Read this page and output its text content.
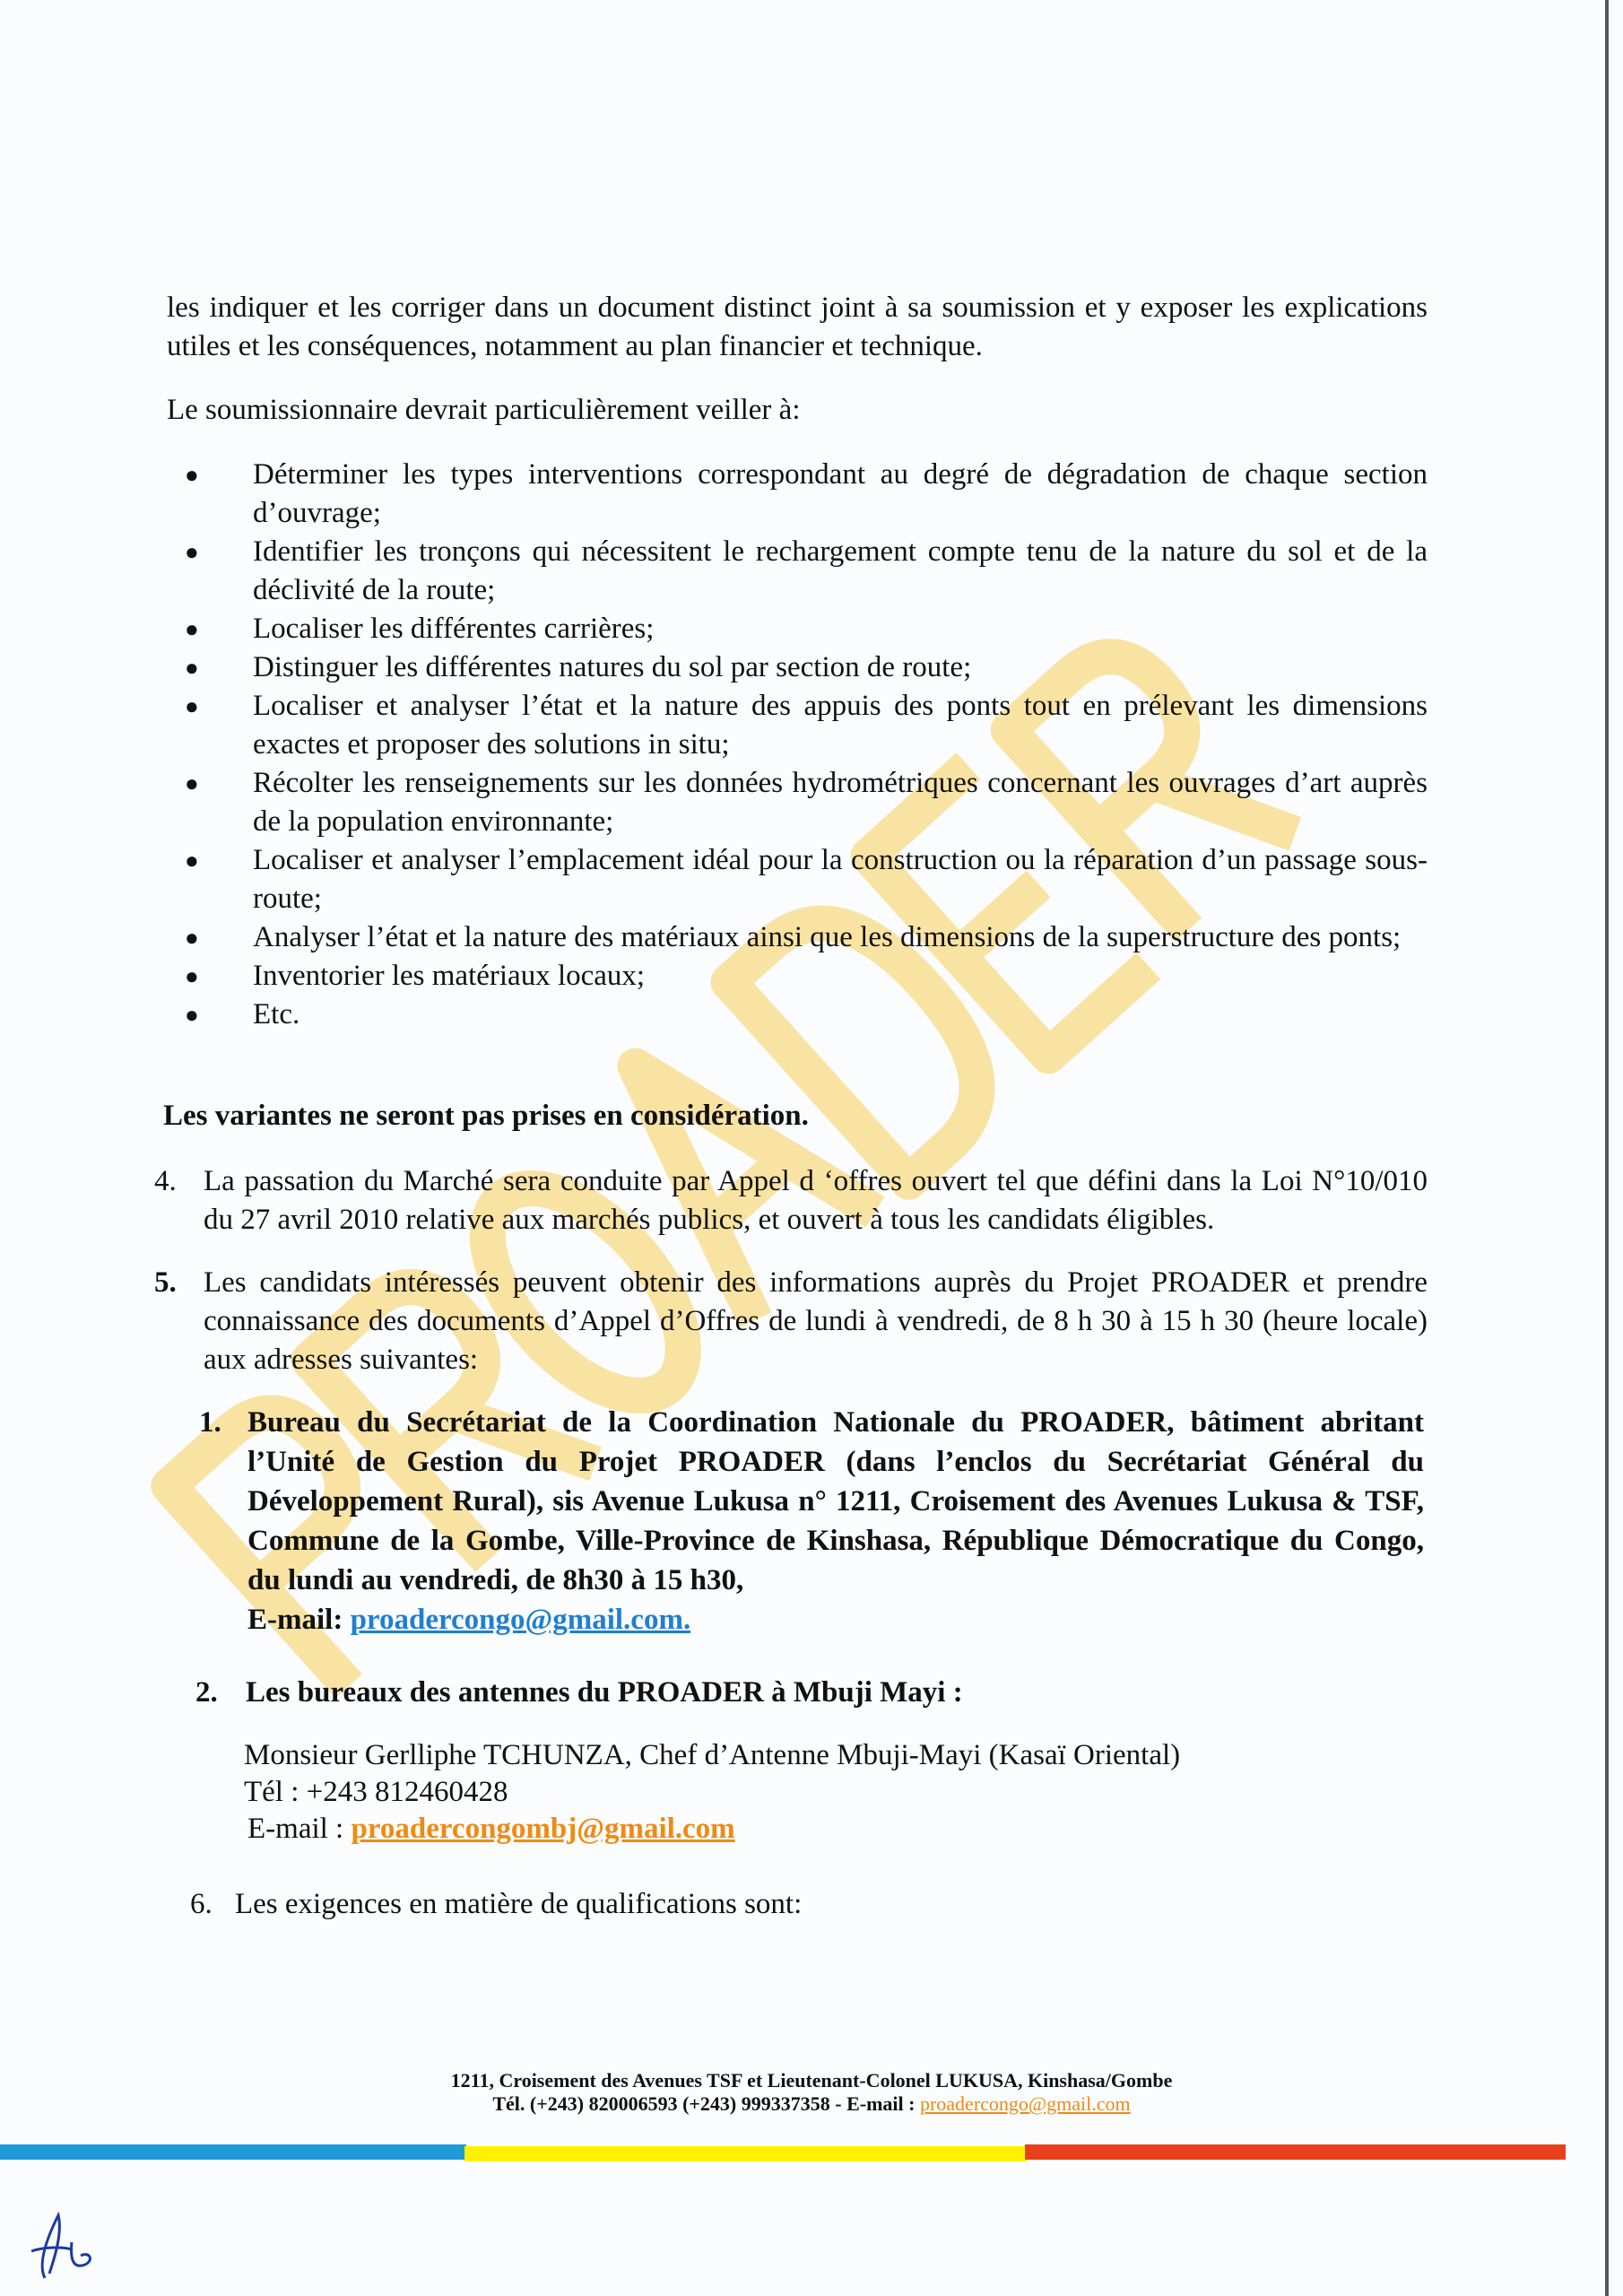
les indiquer et les corriger dans un document distinct joint à sa soumission et y exposer les explications utiles et les conséquences, notamment au plan financier et technique.

Le soumissionnaire devrait particulièrement veiller à:

●	Déterminer les types interventions correspondant au degré de dégradation de chaque section d’ouvrage;
●	Identifier les tronçons qui nécessitent le rechargement compte tenu de la nature du sol et de la déclivité de la route;
●	Localiser les différentes carrières;
●	Distinguer les différentes natures du sol par section de route;
●	Localiser et analyser l’état et la nature des appuis des ponts tout en prélevant les dimensions exactes et proposer des solutions in situ;
●	Récolter les renseignements sur les données hydrométriques concernant les ouvrages d’art auprès de la population environnante;
●	Localiser et analyser l’emplacement idéal pour la construction ou la réparation d’un passage sous-route;
●	Analyser l’état et la nature des matériaux ainsi que les dimensions de la superstructure des ponts;
●	Inventorier les matériaux locaux;
●	Etc.

Les variantes ne seront pas prises en considération.

4. La passation du Marché sera conduite par Appel d ‘offres ouvert tel que défini dans la Loi N°10/010 du 27 avril 2010 relative aux marchés publics, et ouvert à tous les candidats éligibles.
5. Les candidats intéressés peuvent obtenir des informations auprès du Projet PROADER et prendre connaissance des documents d’Appel d’Offres de lundi à vendredi, de 8 h 30 à 15 h 30 (heure locale) aux adresses suivantes:
1. Bureau du Secrétariat de la Coordination Nationale du PROADER, bâtiment abritant l’Unité de Gestion du Projet PROADER (dans l’enclos du Secrétariat Général du Développement Rural), sis Avenue Lukusa n° 1211, Croisement des Avenues Lukusa & TSF, Commune de la Gombe, Ville-Province de Kinshasa, République Démocratique du Congo, du lundi au vendredi, de 8h30 à 15 h30,
E-mail: proadercongo@gmail.com.
2. Les bureaux des antennes du PROADER à Mbuji Mayi :
Monsieur Gerlliphe TCHUNZA, Chef d’Antenne Mbuji-Mayi (Kasaï Oriental)
Tél : +243 812460428
E-mail : proadercongombj@gmail.com
6. Les exigences en matière de qualifications sont:
1211, Croisement des Avenues TSF et Lieutenant-Colonel LUKUSA, Kinshasa/Gombe
Tél. (+243) 820006593 (+243) 999337358 - E-mail : proadercongo@gmail.com
